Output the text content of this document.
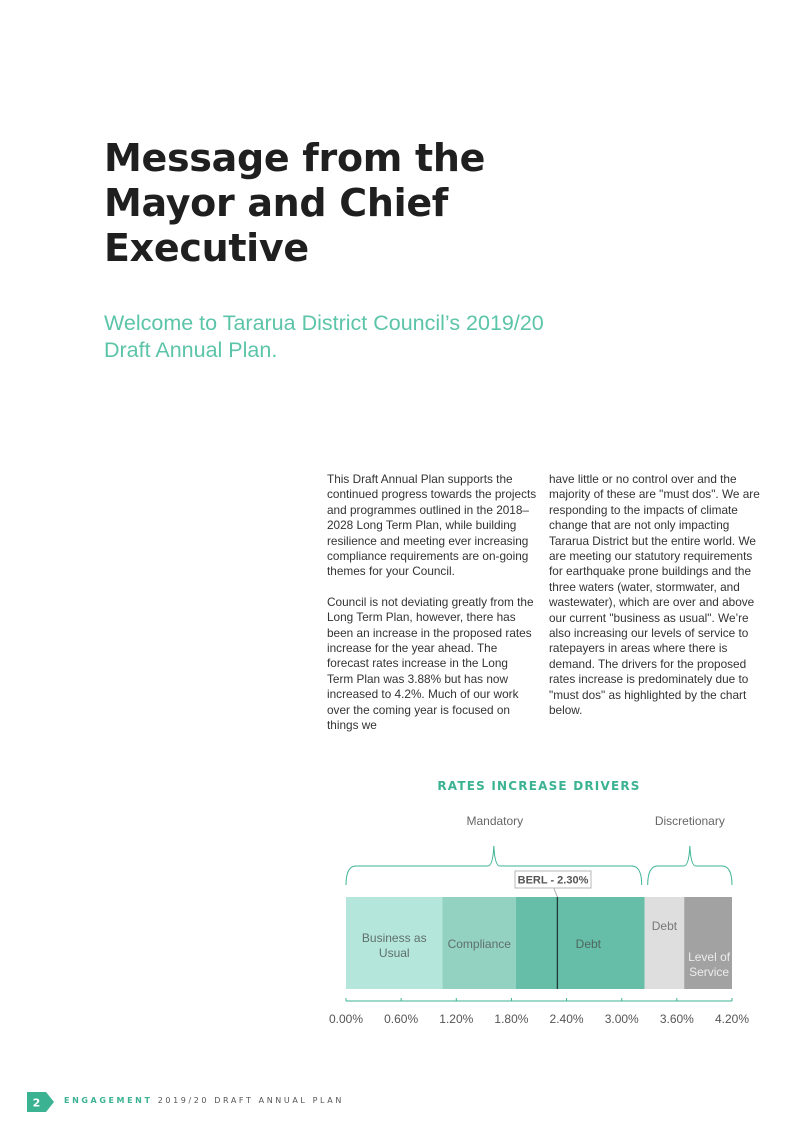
Message from the Mayor and Chief Executive
Welcome to Tararua District Council’s 2019/20 Draft Annual Plan.

This Draft Annual Plan supports the continued progress towards the projects and programmes outlined in the 2018–2028 Long Term Plan, while building resilience and meeting ever increasing compliance requirements are on-going themes for your Council.

Council is not deviating greatly from the Long Term Plan, however, there has been an increase in the proposed rates increase for the year ahead. The forecast rates increase in the Long Term Plan was 3.88% but has now increased to 4.2%. Much of our work over the coming year is focused on things we

have little or no control over and the majority of these are "must dos". We are responding to the impacts of climate change that are not only impacting Tararua District but the entire world. We are meeting our statutory requirements for earthquake prone buildings and the three waters (water, stormwater, and wastewater), which are over and above our current "business as usual". We’re also increasing our levels of service to ratepayers in areas where there is demand. The drivers for the proposed rates increase is predominately due to "must dos" as highlighted by the chart below.

RATES INCREASE DRIVERS
Business as Usual
Compliance	Debt
Debt
Level of Service
BERL - 2.30%
Mandatory	Discretionary
0.00% 0.60% 1.20% 1.80% 2.40% 3.00% 3.60% 4.20%
2	ENGAGEMENT 2019/20 DRAFT ANNUAL PLAN
